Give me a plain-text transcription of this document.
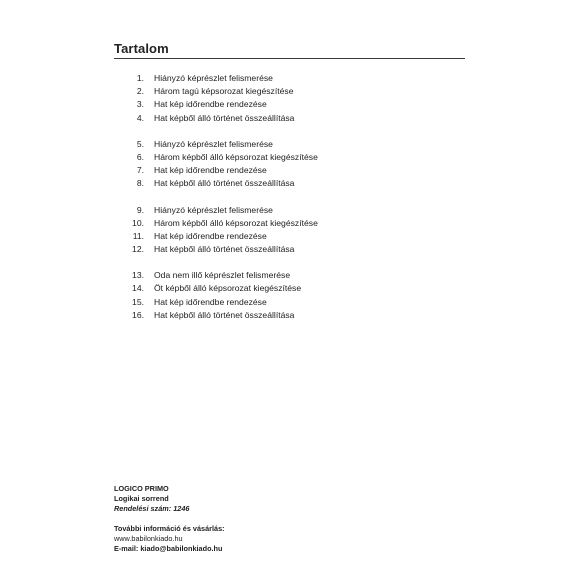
Tartalom
1. Hiányzó képrészlet felismerése
2. Három tagú képsorozat kiegészítése
3. Hat kép időrendbe rendezése
4. Hat képből álló történet összeállítása
5. Hiányzó képrészlet felismerése
6. Három képből álló képsorozat kiegészítése
7. Hat kép időrendbe rendezése
8. Hat képből álló történet összeállítása
9. Hiányzó képrészlet felismerése
10. Három képből álló képsorozat kiegészítése
11. Hat kép időrendbe rendezése
12. Hat képből álló történet összeállítása
13. Oda nem illő képrészlet felismerése
14. Öt képből álló képsorozat kiegészítése
15. Hat kép időrendbe rendezése
16. Hat képből álló történet összeállítása
LOGICO PRIMO
Logikai sorrend
Rendelési szám: 1246
További információ és vásárlás:
www.babilonkiado.hu
E-mail: kiado@babilonkiado.hu
